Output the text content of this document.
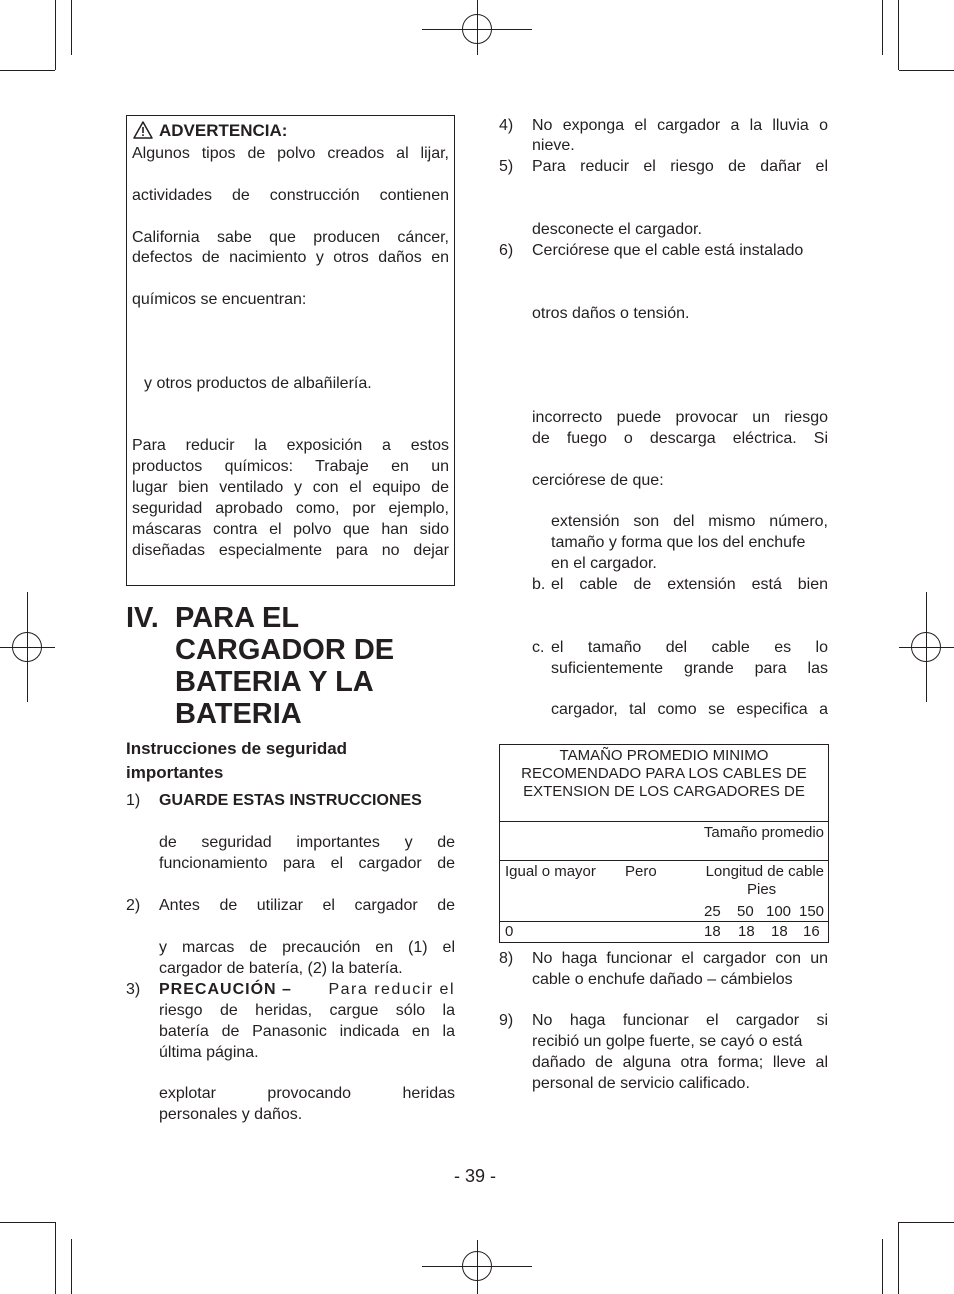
ADVERTENCIA:
Algunos tipos de polvo creados al lijar,
actividades de construcción contienen
California sabe que producen cáncer,
defectos de nacimiento y otros daños en
químicos se encuentran:
y otros productos de albañilería.
Para reducir la exposición a estos
productos químicos: Trabaje en un
lugar bien ventilado y con el equipo de
seguridad aprobado como, por ejemplo,
máscaras contra el polvo que han sido
diseñadas especialmente para no dejar
IV. PARA EL
CARGADOR DE
BATERIA Y LA
BATERIA
Instrucciones de seguridad
importantes
1) GUARDE ESTAS INSTRUCCIONES
de seguridad importantes y de
funcionamiento para el cargador de
2) Antes de utilizar el cargador de
y marcas de precaución en (1) el
cargador de batería, (2) la batería.
3) PRECAUCIÓN – Para reducir el
riesgo de heridas, cargue sólo la
batería de Panasonic indicada en la
última página.
explotar provocando heridas
personales y daños.
4) No exponga el cargador a la lluvia o
nieve.
5) Para reducir el riesgo de dañar el
desconecte el cargador.
6) Cerciórese que el cable está instalado
otros daños o tensión.
incorrecto puede provocar un riesgo
de fuego o descarga eléctrica. Si
cerciórese de que:
extensión son del mismo número,
tamaño y forma que los del enchufe
en el cargador.
b. el cable de extensión está bien
c. el tamaño del cable es lo
suficientemente grande para las
cargador, tal como se especifica a
TAMAÑO PROMEDIO MINIMO
RECOMENDADO PARA LOS CABLES DE
EXTENSION DE LOS CARGADORES DE
Tamaño promedio
Igual o mayor Pero	Longitud de cable
Pies
25 50 100 150
0	18 18 18 16
8) No haga funcionar el cargador con un
cable o enchufe dañado – cámbielos
9) No haga funcionar el cargador si
recibió un golpe fuerte, se cayó o está
dañado de alguna otra forma; lleve al
personal de servicio calificado.
- 39 -
